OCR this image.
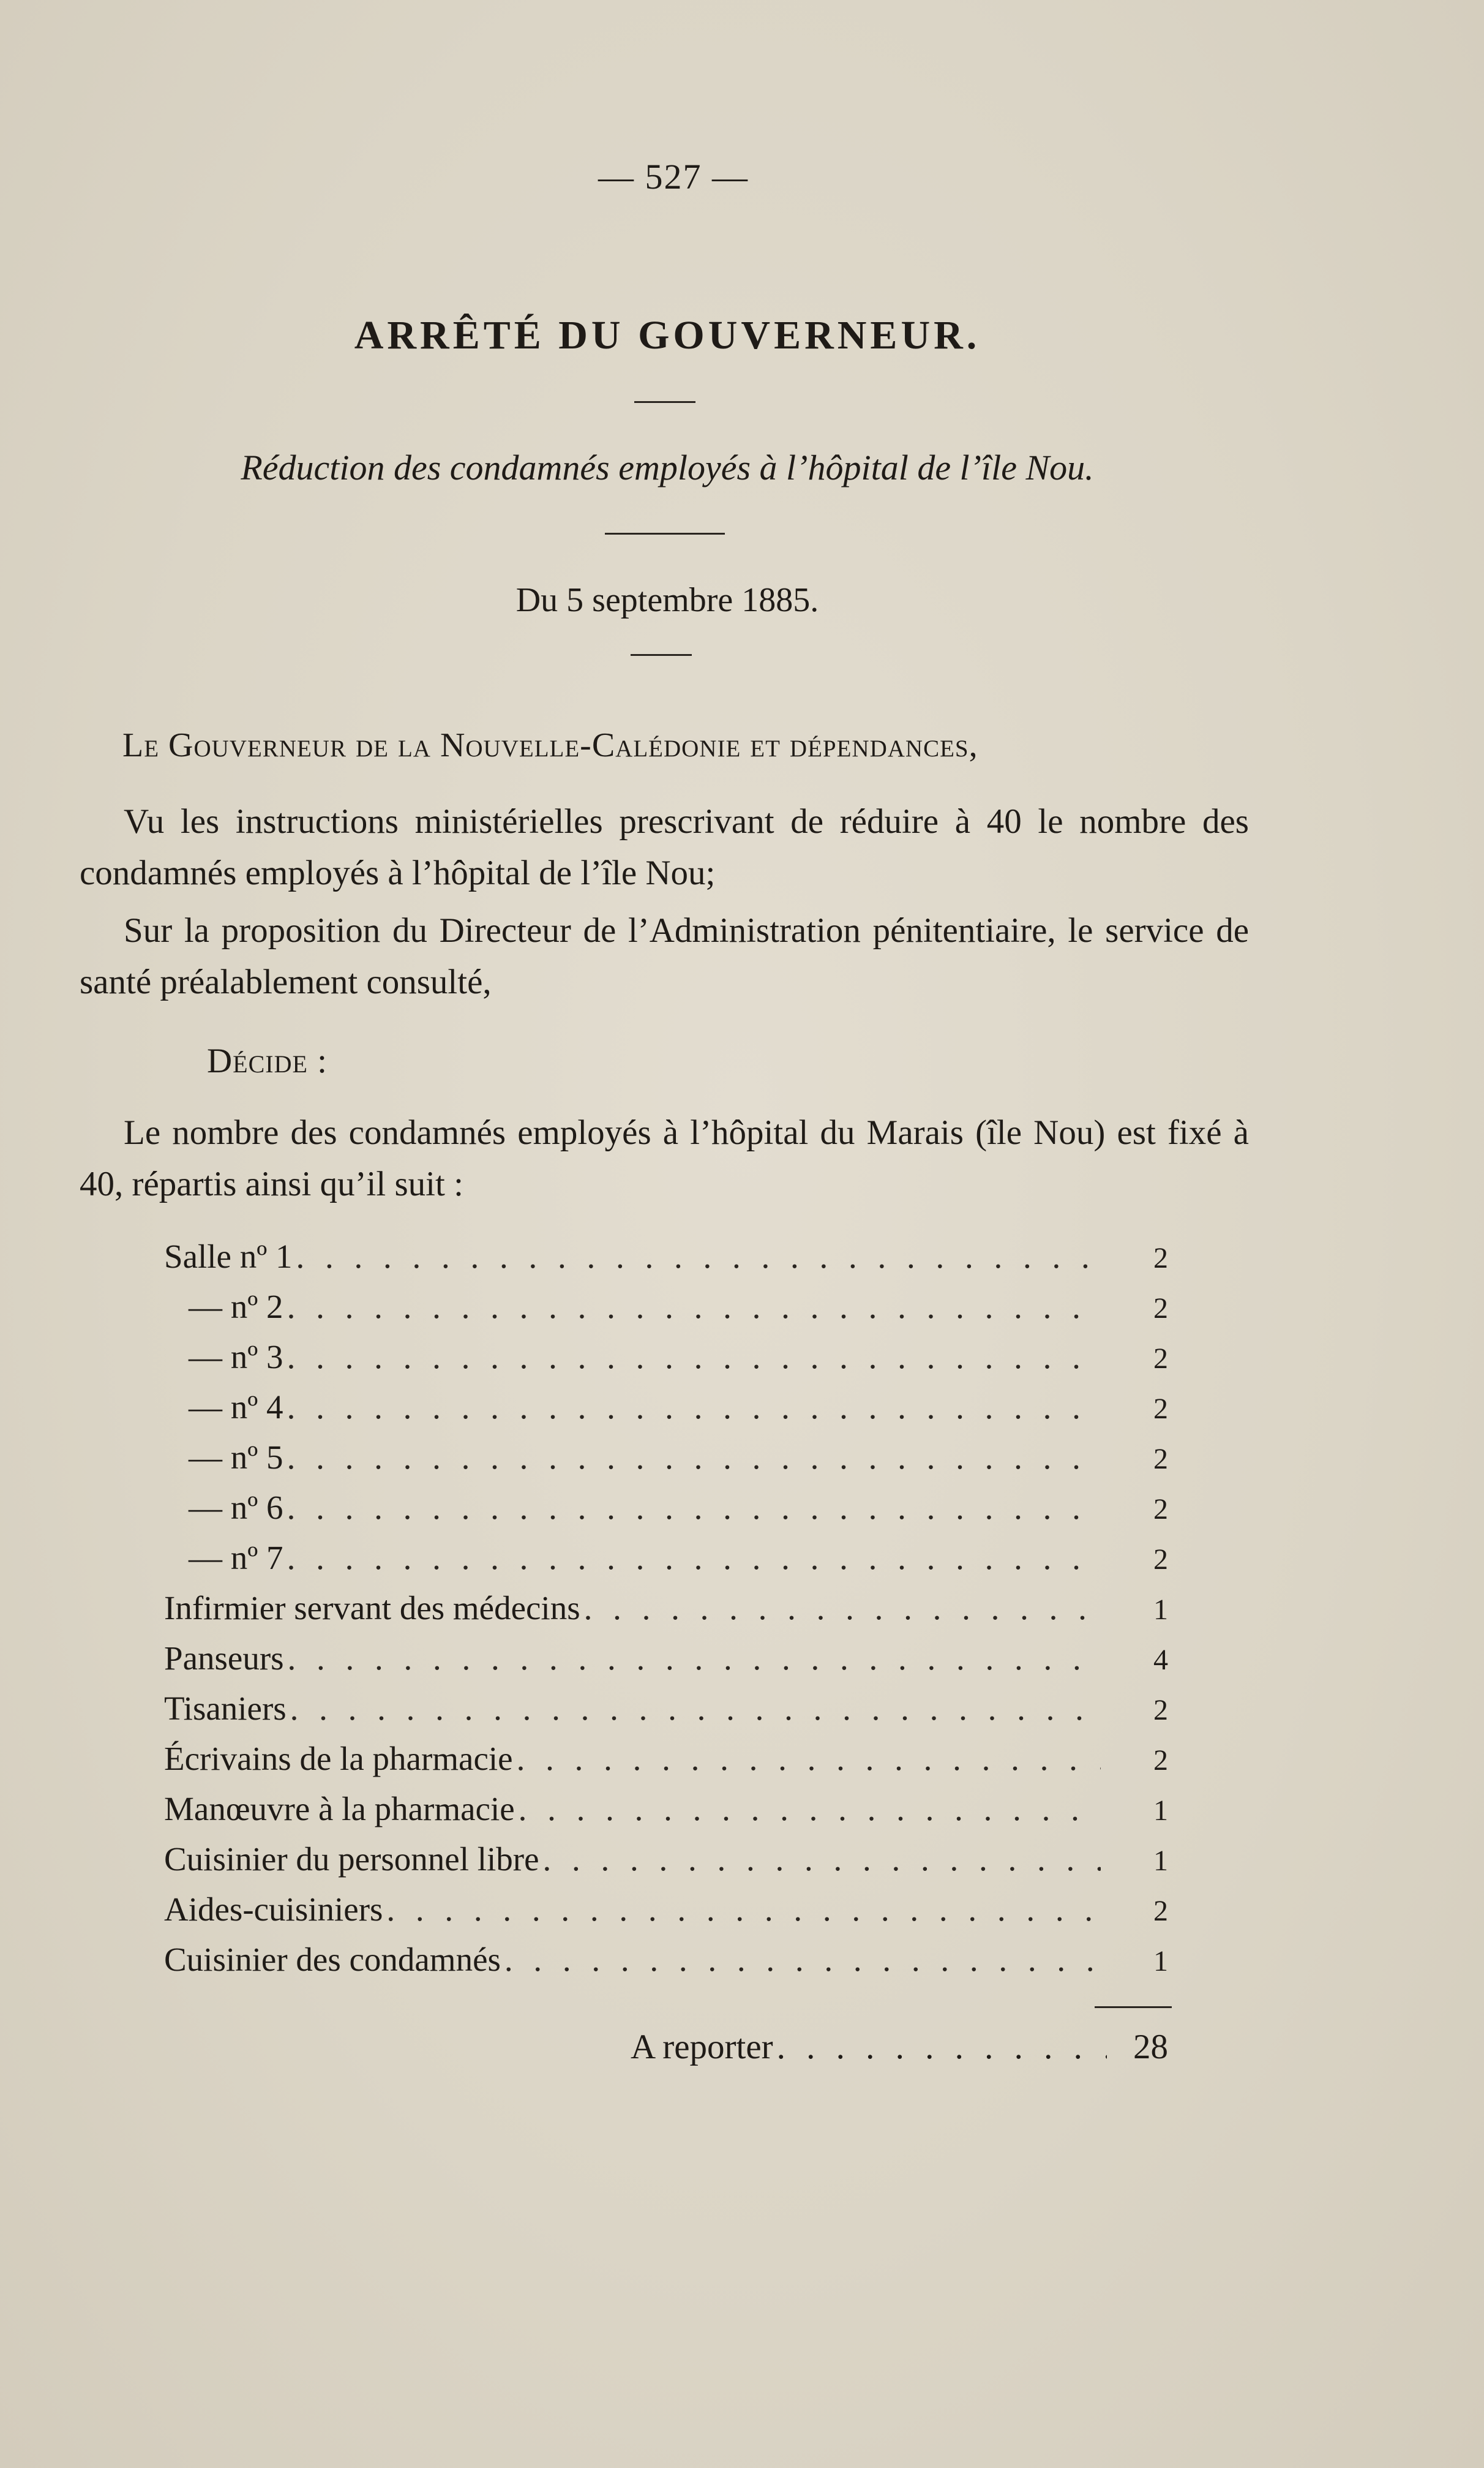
— 527 —
ARRÊTÉ DU GOUVERNEUR.
Réduction des condamnés employés à l’hôpital de l’île Nou.
Du 5 septembre 1885.
Le Gouverneur de la Nouvelle-Calédonie et dépendances,
Vu les instructions ministérielles prescrivant de réduire à 40 le nombre des condamnés employés à l’hôpital de l’île Nou;
Sur la proposition du Directeur de l’Administration pénitentiaire, le service de santé préalablement consulté,
Décide :
Le nombre des condamnés employés à l’hôpital du Marais (île Nou) est fixé à 40, répartis ainsi qu’il suit :
Salle nº 1 . . .	2
— nº 2 . . .	2
— nº 3 . . .	2
— nº 4 . . .	2
— nº 5 . . .	2
— nº 6 . . .	2
— nº 7 . . .	2
Infirmier servant des médecins . . .	1
Panseurs . . .	4
Tisaniers . . .	2
Écrivains de la pharmacie . . .	2
Manœuvre à la pharmacie . . .	1
Cuisinier du personnel libre . . .	1
Aides-cuisiniers . . .	2
Cuisinier des condamnés . . .	1
A reporter . . .	28
